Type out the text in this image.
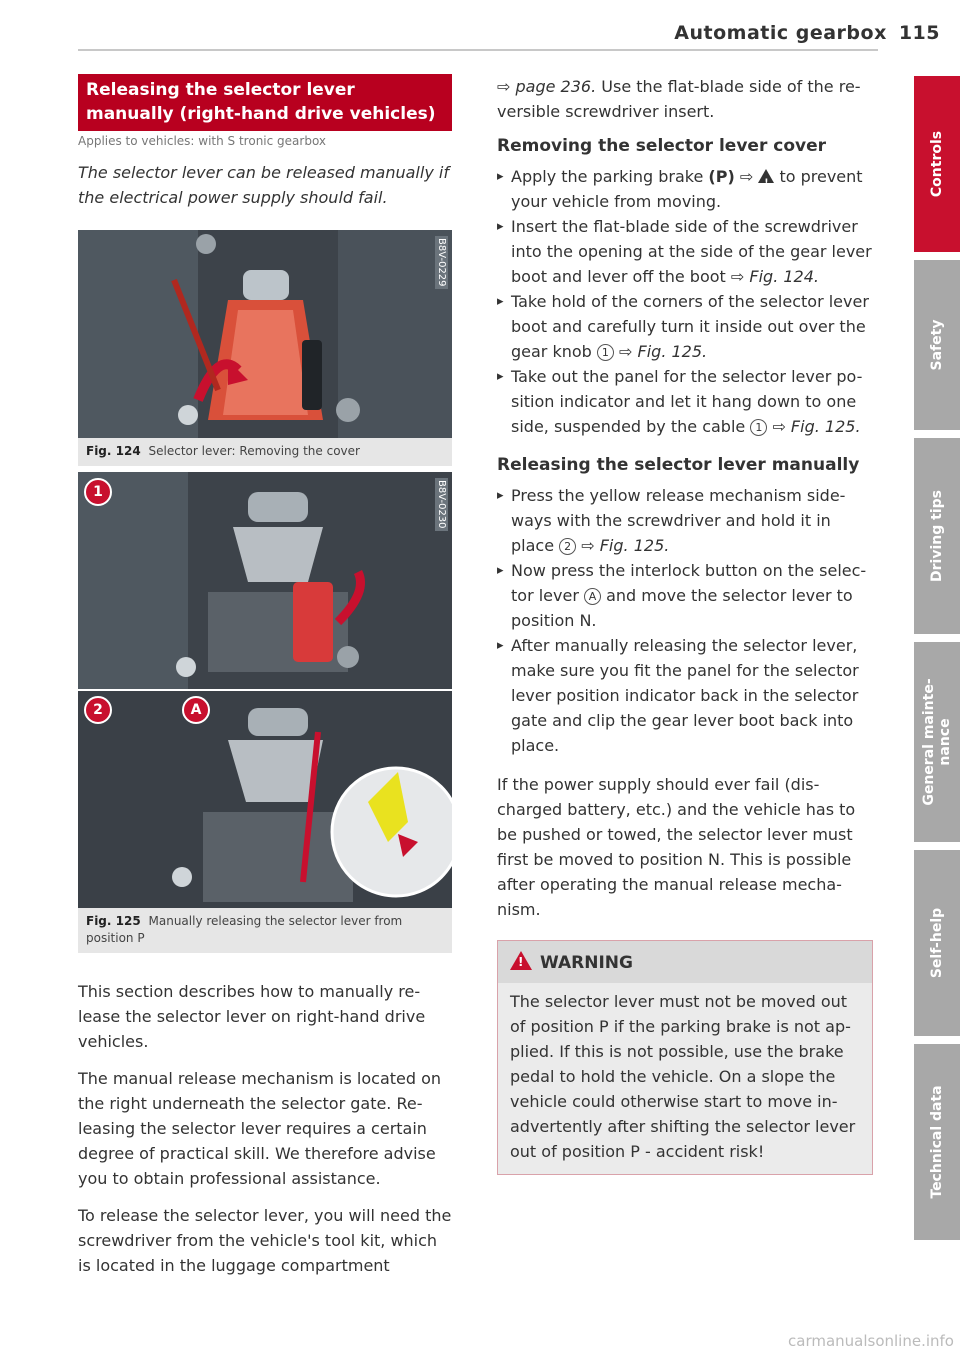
Automatic gearbox 115
Releasing the selector lever manually (right-hand drive vehicles)
Applies to vehicles: with S tronic gearbox
The selector lever can be released manually if the electrical power supply should fail.
B8V-0229
Fig. 124 Selector lever: Removing the cover
B8V-0230
1
2	A
Fig. 125 Manually releasing the selector lever from position P

This section describes how to manually re-lease the selector lever on right-hand drive vehicles.

The manual release mechanism is located on the right underneath the selector gate. Re-leasing the selector lever requires a certain degree of practical skill. We therefore advise you to obtain professional assistance.

To release the selector lever, you will need the screwdriver from the vehicle's tool kit, which is located in the luggage compartment

⇨ page 236. Use the flat-blade side of the re-versible screwdriver insert.

Removing the selector lever cover
▸ Apply the parking brake (P) ⇨ ! to prevent your vehicle from moving.
▸ Insert the flat-blade side of the screwdriver into the opening at the side of the gear lever boot and lever off the boot ⇨ Fig. 124.
▸ Take hold of the corners of the selector lever boot and carefully turn it inside out over the gear knob 1 ⇨ Fig. 125.
▸ Take out the panel for the selector lever po-sition indicator and let it hang down to one side, suspended by the cable 1 ⇨ Fig. 125.
Releasing the selector lever manually
▸ Press the yellow release mechanism side-ways with the screwdriver and hold it in place 2 ⇨ Fig. 125.
▸ Now press the interlock button on the selec-tor lever A and move the selector lever to position N.
▸ After manually releasing the selector lever, make sure you fit the panel for the selector lever position indicator back in the selector gate and clip the gear lever boot back into place.

If the power supply should ever fail (dis-charged battery, etc.) and the vehicle has to be pushed or towed, the selector lever must first be moved to position N. This is possible after operating the manual release mecha-nism.

!WARNING
The selector lever must not be moved out of position P if the parking brake is not ap-plied. If this is not possible, use the brake pedal to hold the vehicle. On a slope the vehicle could otherwise start to move in-advertently after shifting the selector lever out of position P - accident risk!
Controls
Safety
Driving tips
General mainte-nance
Self-help
Technical data
carmanualsonline.info
